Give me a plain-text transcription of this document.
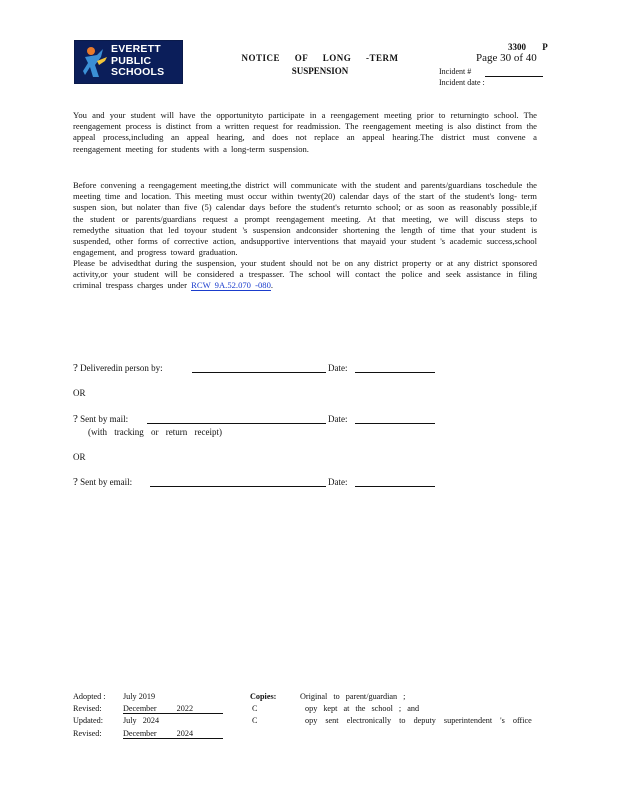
EVERETT
PUBLIC
SCHOOLS
NOTICE OF LONG -TERM
SUSPENSION
3300 P
Page 30 of 40
Incident #
Incident date :
You and your student will have the opportunityto participate in a reengagement meeting prior to returningto school. The reengagement process is distinct from a written request for readmission. The reengagement meeting is also distinct from the appeal process,including an appeal hearing, and does not replace an appeal hearing.The district must convene a reengagement meeting for students with a long-term suspension.
Before convening a reengagement meeting,the district will communicate with the student and parents/guardians toschedule the meeting time and location. This meeting must occur within twenty(20) calendar days of the start of the student's long- term suspen sion, but nolater than five (5) calendar days before the student's returnto school; or as soon as reasonably possible,if the student or parents/guardians request a prompt reengagement meeting. At that meeting, we will discuss steps to remedythe situation that led toyour student 's suspension andconsider shortening the length of time that your student is suspended, other forms of corrective action, andsupportive interventions that mayaid your student 's academic success,school engagement, and progress toward graduation.
Please be advisedthat during the suspension, your student should not be on any district property or at any district sponsored activity,or your student will be considered a trespasser. The school will contact the police and seek assistance in filing criminal trespass charges under RCW 9A.52.070 -080.
? Deliveredin person by:	Date:
OR
? Sent by mail:	Date:
(with tracking or return receipt)
OR
? Sent by email:	Date:
Adopted : July 2019
Revised:	December 2022
Updated: July 2024
Revised:	December 2024
Copies:	Original to parent/guardian ;
C	opy kept at the school ; and
C	opy sent electronically to deputy superintendent 's office
